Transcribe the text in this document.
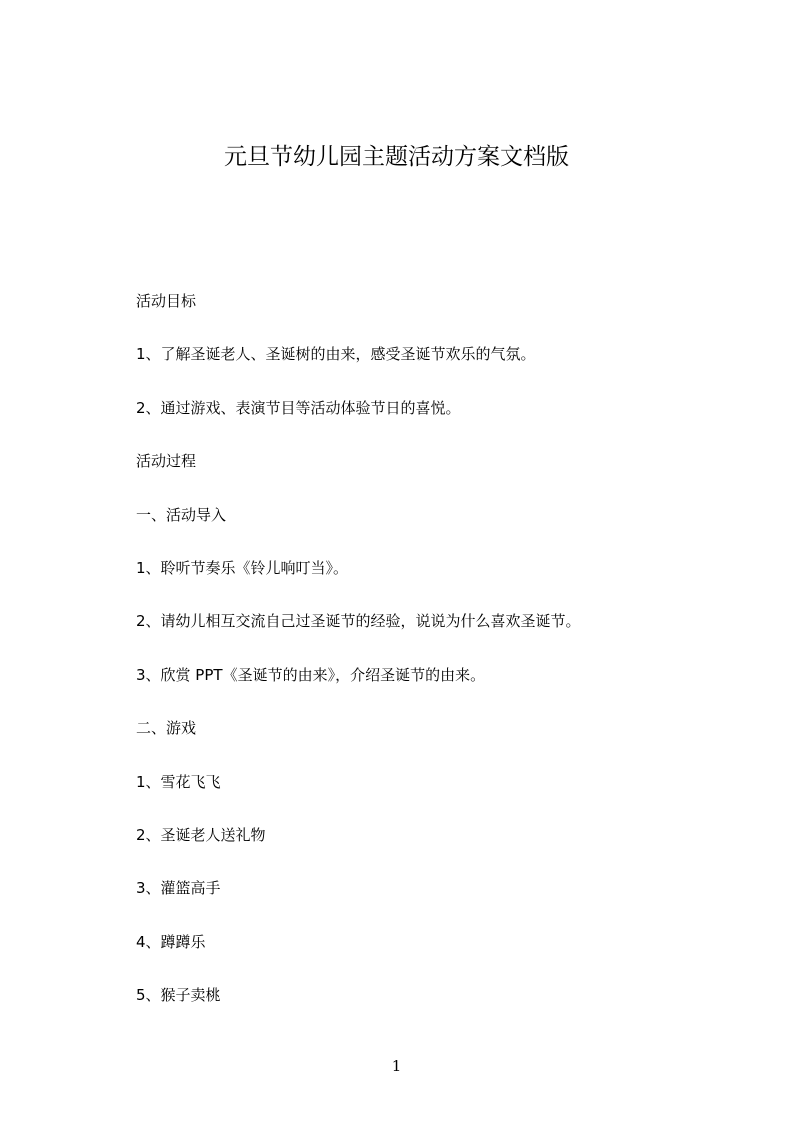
元旦节幼儿园主题活动方案文档版
活动目标
1、了解圣诞老人、圣诞树的由来，感受圣诞节欢乐的气氛。
2、通过游戏、表演节目等活动体验节日的喜悦。
活动过程
一、活动导入
1、聆听节奏乐《铃儿响叮当》。
2、请幼儿相互交流自己过圣诞节的经验，说说为什么喜欢圣诞节。
3、欣赏 PPT《圣诞节的由来》，介绍圣诞节的由来。
二、游戏
1、雪花飞飞
2、圣诞老人送礼物
3、灌篮高手
4、蹲蹲乐
5、猴子卖桃
1
